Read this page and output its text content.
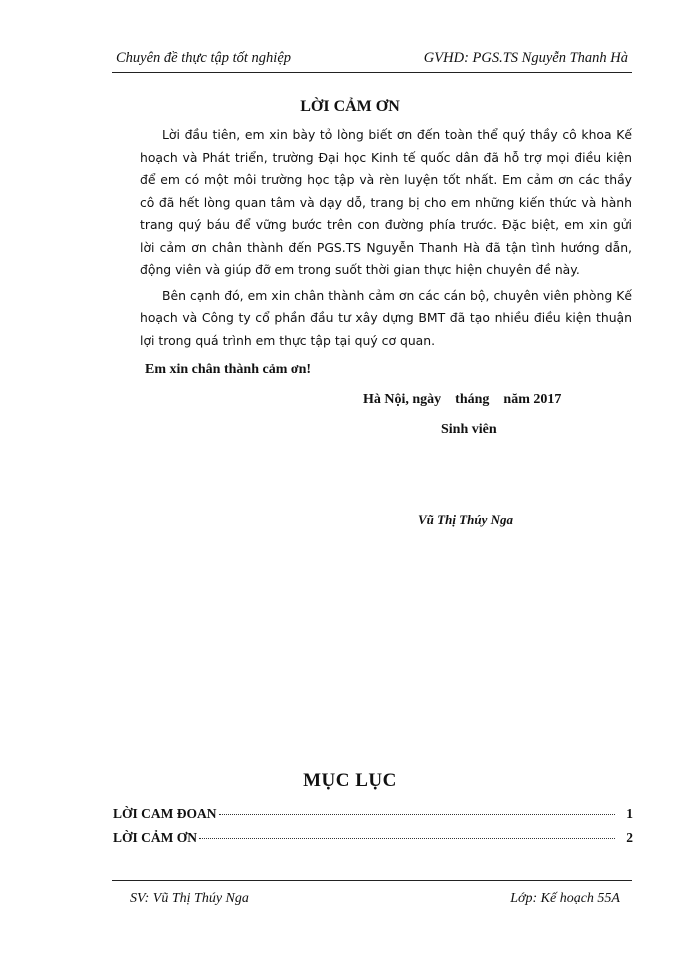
Chuyên đề thực tập tốt nghiệp	GVHD: PGS.TS Nguyễn Thanh Hà
LỜI CẢM ƠN

Lời đầu tiên, em xin bày tỏ lòng biết ơn đến toàn thể quý thầy cô khoa Kế hoạch và Phát triển, trường Đại học Kinh tế quốc dân đã hỗ trợ mọi điều kiện để em có một môi trường học tập và rèn luyện tốt nhất. Em cảm ơn các thầy cô đã hết lòng quan tâm và dạy dỗ, trang bị cho em những kiến thức và hành trang quý báu để vững bước trên con đường phía trước. Đặc biệt, em xin gửi lời cảm ơn chân thành đến PGS.TS Nguyễn Thanh Hà đã tận tình hướng dẫn, động viên và giúp đỡ em trong suốt thời gian thực hiện chuyên đề này.

Bên cạnh đó, em xin chân thành cảm ơn các cán bộ, chuyên viên phòng Kế hoạch và Công ty cổ phần đầu tư xây dựng BMT đã tạo nhiều điều kiện thuận lợi trong quá trình em thực tập tại quý cơ quan.

Em xin chân thành cảm ơn!
Hà Nội, ngày    tháng    năm 2017
Sinh viên
Vũ Thị Thúy Nga
MỤC LỤC
LỜI CAM ĐOAN	1
LỜI CẢM ƠN	2
SV: Vũ Thị Thúy Nga	Lớp: Kế hoạch 55A
